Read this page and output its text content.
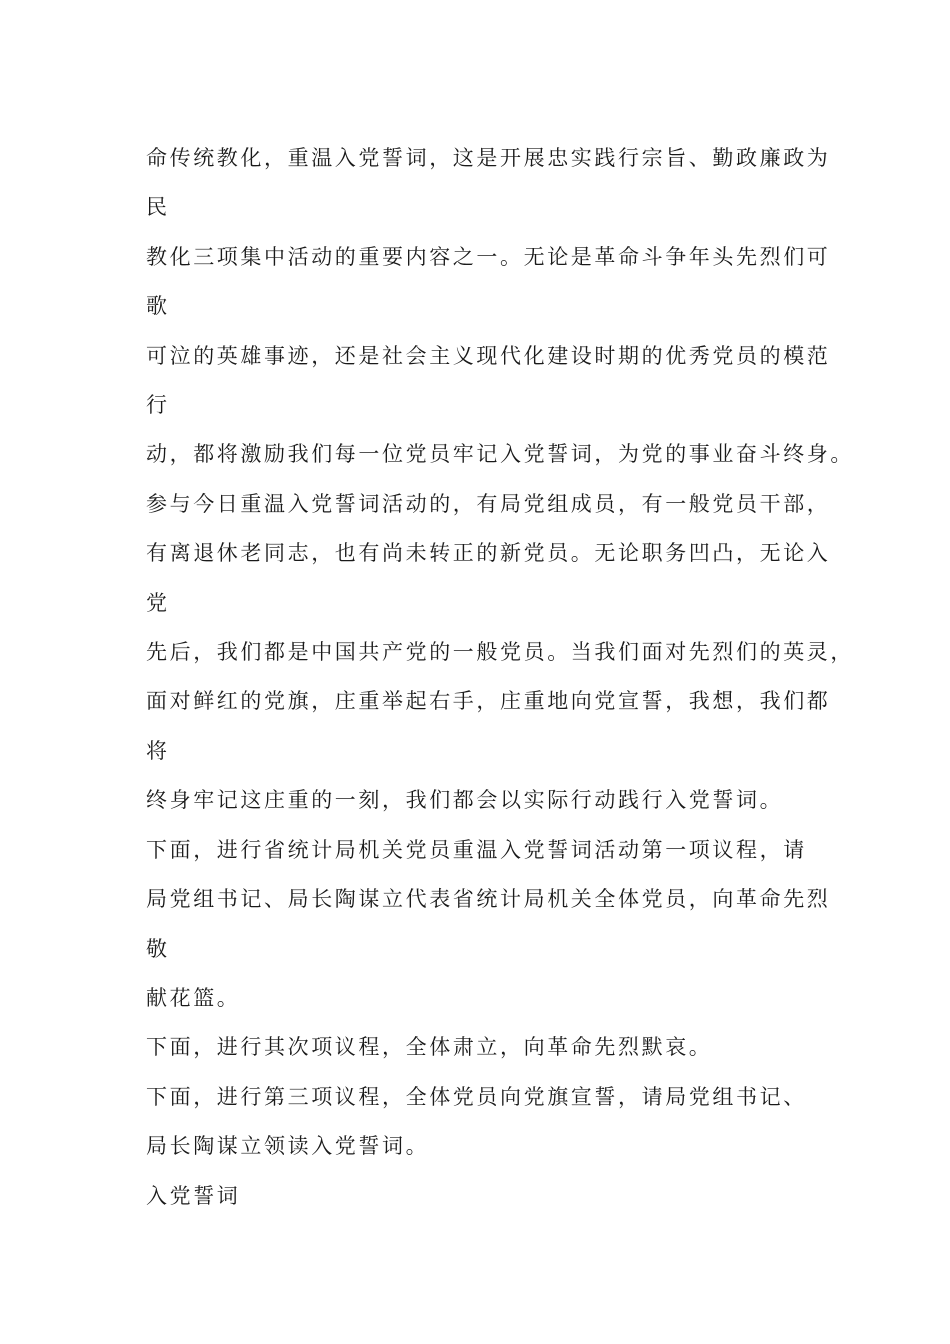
命传统教化，重温入党誓词，这是开展忠实践行宗旨、勤政廉政为

民

教化三项集中活动的重要内容之一。无论是革命斗争年头先烈们可

歌

可泣的英雄事迹，还是社会主义现代化建设时期的优秀党员的模范

行

动，都将激励我们每一位党员牢记入党誓词，为党的事业奋斗终身。

参与今日重温入党誓词活动的，有局党组成员，有一般党员干部，

有离退休老同志，也有尚未转正的新党员。无论职务凹凸，无论入

党

先后，我们都是中国共产党的一般党员。当我们面对先烈们的英灵，

面对鲜红的党旗，庄重举起右手，庄重地向党宣誓，我想，我们都

将

终身牢记这庄重的一刻，我们都会以实际行动践行入党誓词。

下面，进行省统计局机关党员重温入党誓词活动第一项议程，请

局党组书记、局长陶谋立代表省统计局机关全体党员，向革命先烈

敬

献花篮。

下面，进行其次项议程，全体肃立，向革命先烈默哀。

下面，进行第三项议程，全体党员向党旗宣誓，请局党组书记、

局长陶谋立领读入党誓词。

入党誓词
